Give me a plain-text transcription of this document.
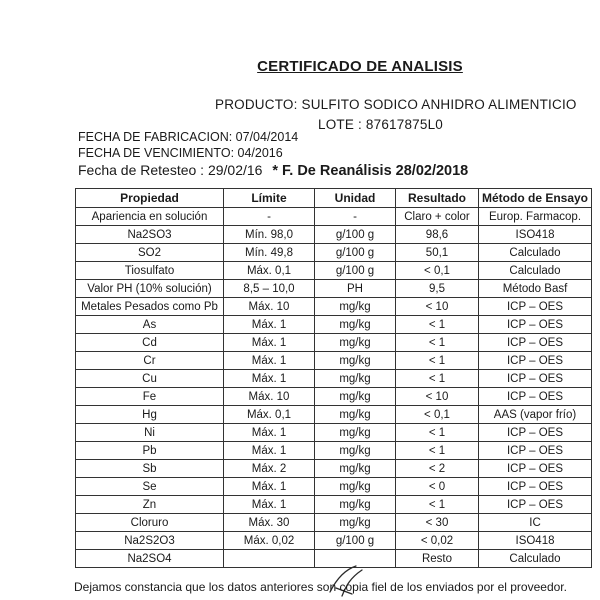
CERTIFICADO DE ANALISIS
PRODUCTO: SULFITO SODICO ANHIDRO ALIMENTICIO
LOTE : 87617875L0
FECHA DE FABRICACION: 07/04/2014
FECHA DE VENCIMIENTO: 04/2016
Fecha de Retesteo : 29/02/16 * F. De Reanálisis 28/02/2018
Propiedad	Límite	Unidad	Resultado	Método de Ensayo
Apariencia en solución	-	-	Claro + color	Europ. Farmacop.
Na2SO3	Mín. 98,0	g/100 g	98,6	ISO418
SO2	Mín. 49,8	g/100 g	50,1	Calculado
Tiosulfato	Máx. 0,1	g/100 g	< 0,1	Calculado
Valor PH (10% solución)	8,5 – 10,0	PH	9,5	Método Basf
Metales Pesados como Pb	Máx. 10	mg/kg	< 10	ICP – OES
As	Máx. 1	mg/kg	< 1	ICP – OES
Cd	Máx. 1	mg/kg	< 1	ICP – OES
Cr	Máx. 1	mg/kg	< 1	ICP – OES
Cu	Máx. 1	mg/kg	< 1	ICP – OES
Fe	Máx. 10	mg/kg	< 10	ICP – OES
Hg	Máx. 0,1	mg/kg	< 0,1	AAS (vapor frío)
Ni	Máx. 1	mg/kg	< 1	ICP – OES
Pb	Máx. 1	mg/kg	< 1	ICP – OES
Sb	Máx. 2	mg/kg	< 2	ICP – OES
Se	Máx. 1	mg/kg	< 0	ICP – OES
Zn	Máx. 1	mg/kg	< 1	ICP – OES
Cloruro	Máx. 30	mg/kg	< 30	IC
Na2S2O3	Máx. 0,02	g/100 g	< 0,02	ISO418
Na2SO4			Resto	Calculado
Dejamos constancia que los datos anteriores son copia fiel de los enviados por el proveedor.
